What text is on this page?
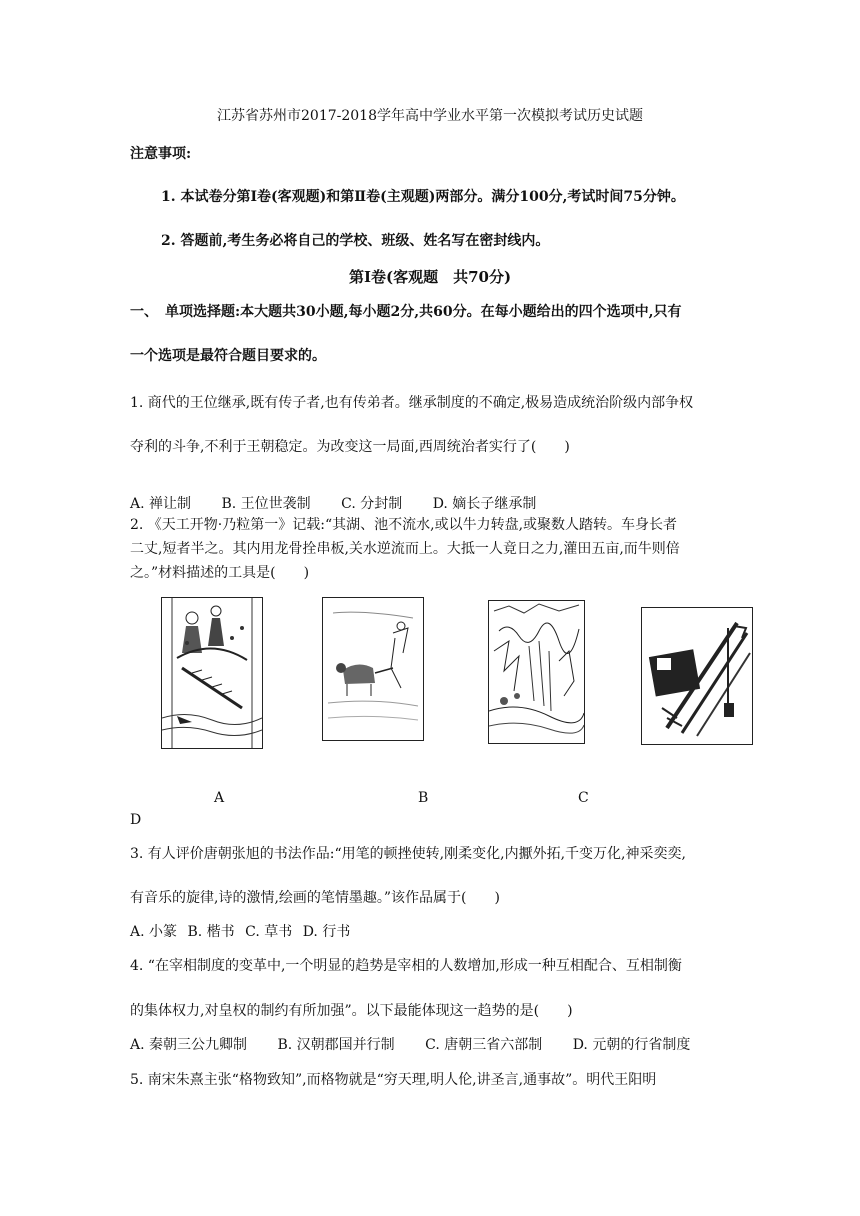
江苏省苏州市2017-2018学年高中学业水平第一次模拟考试历史试题
注意事项:
1. 本试卷分第Ⅰ卷(客观题)和第Ⅱ卷(主观题)两部分。满分100分,考试时间75分钟。
2. 答题前,考生务必将自己的学校、班级、姓名写在密封线内。
第Ⅰ卷(客观题　共70分)
一、　单项选择题:本大题共30小题,每小题2分,共60分。在每小题给出的四个选项中,只有
一个选项是最符合题目要求的。
1. 商代的王位继承,既有传子者,也有传弟者。继承制度的不确定,极易造成统治阶级内部争权
夺利的斗争,不利于王朝稳定。为改变这一局面,西周统治者实行了(　　)
A. 禅让制 B. 王位世袭制 C. 分封制 D. 嫡长子继承制
2. 《天工开物·乃粒第一》记载:“其湖、池不流水,或以牛力转盘,或聚数人踏转。车身长者
二丈,短者半之。其内用龙骨拴串板,关水逆流而上。大抵一人竟日之力,灌田五亩,而牛则倍
之。”材料描述的工具是(　　)
A	B	C
D
3. 有人评价唐朝张旭的书法作品:“用笔的顿挫使转,刚柔变化,内擫外拓,千变万化,神采奕奕,
有音乐的旋律,诗的激情,绘画的笔情墨趣。”该作品属于(　　)
A. 小篆 B. 楷书 C. 草书 D. 行书
4. “在宰相制度的变革中,一个明显的趋势是宰相的人数增加,形成一种互相配合、互相制衡
的集体权力,对皇权的制约有所加强”。以下最能体现这一趋势的是(　　)
A. 秦朝三公九卿制 B. 汉朝郡国并行制 C. 唐朝三省六部制 D. 元朝的行省制度
5. 南宋朱熹主张“格物致知”,而格物就是“穷天理,明人伦,讲圣言,通事故”。明代王阳明
